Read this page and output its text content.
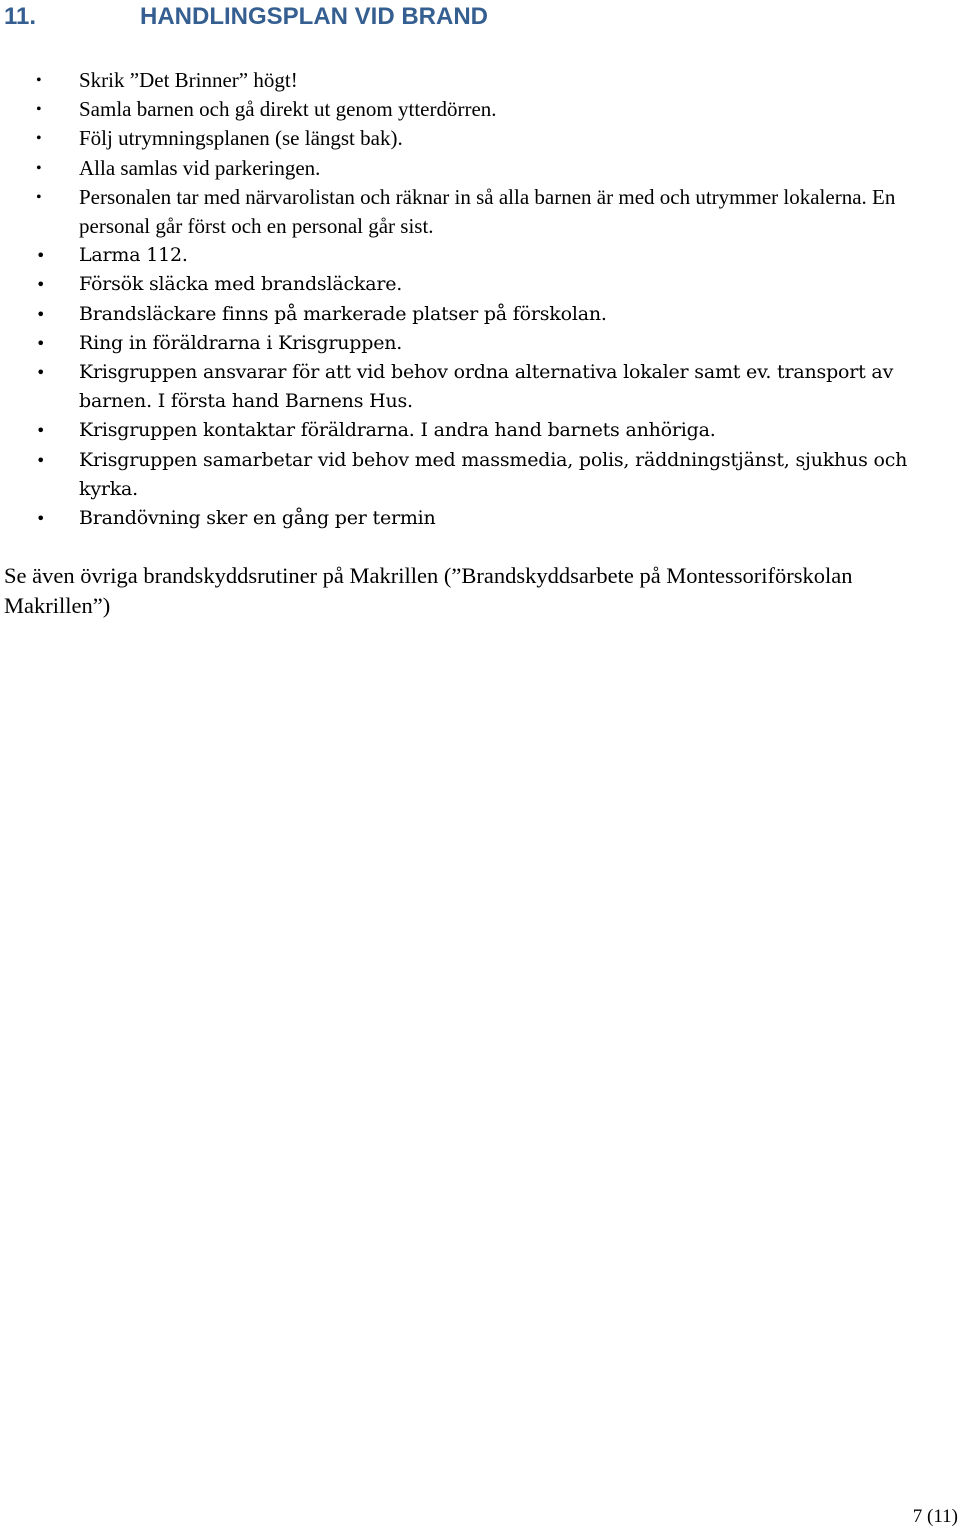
11.	HANDLINGSPLAN VID BRAND
•	Skrik ”Det Brinner” högt!
•	Samla barnen och gå direkt ut genom ytterdörren.
•	Följ utrymningsplanen (se längst bak).
•	Alla samlas vid parkeringen.
•	Personalen tar med närvarolistan och räknar in så alla barnen är med och utrymmer lokalerna. En personal går först och en personal går sist.
•	Larma 112.
•	Försök släcka med brandsläckare.
•	Brandsläckare finns på markerade platser på förskolan.
•	Ring in föräldrarna i Krisgruppen.
•	Krisgruppen ansvarar för att vid behov ordna alternativa lokaler samt ev. transport av barnen. I första hand Barnens Hus.
•	Krisgruppen kontaktar föräldrarna. I andra hand barnets anhöriga.
•	Krisgruppen samarbetar vid behov med massmedia, polis, räddningstjänst, sjukhus och kyrka.
•	Brandövning sker en gång per termin

Se även övriga brandskyddsrutiner på Makrillen (”Brandskyddsarbete på Montessoriförskolan Makrillen”)

7 (11)
